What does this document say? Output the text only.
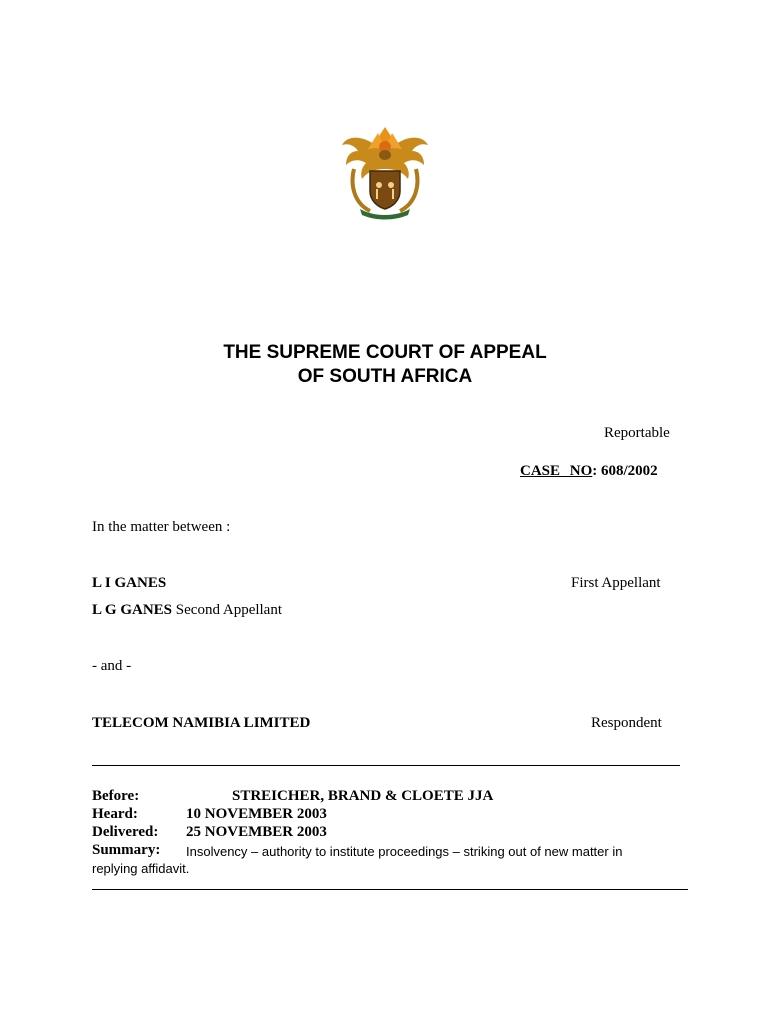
THE SUPREME COURT OF APPEAL
OF SOUTH AFRICA
Reportable
CASE NO: 608/2002
In the matter between :
L I GANES	First Appellant
L G GANES Second Appellant
- and -
TELECOM NAMIBIA LIMITED	Respondent
Before:	STREICHER, BRAND & CLOETE JJA
Heard:	10 NOVEMBER 2003
Delivered: 25 NOVEMBER 2003
Summary: Insolvency – authority to institute proceedings – striking out of new matter in
replying affidavit.
